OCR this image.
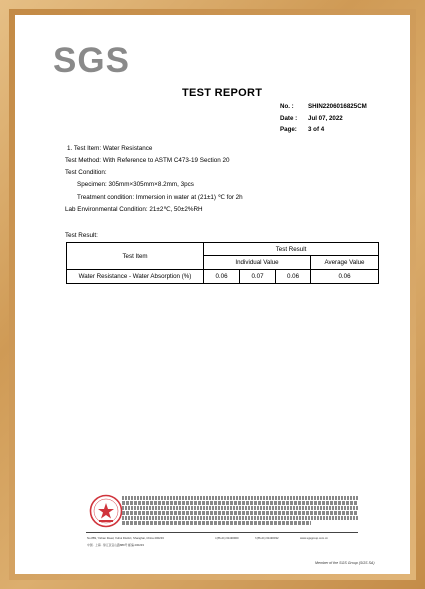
SGS
TEST REPORT
No. :	SHIN2206016825CM
Date :	Jul 07, 2022
Page:	3 of 4
1. Test Item: Water Resistance
Test Method: With Reference to ASTM C473-19 Section 20
Test Condition:
Specimen: 305mm×305mm×8.2mm, 3pcs
Treatment condition: Immersion in water at (21±1) ℃ for 2h
Lab Environmental Condition: 21±2℃, 50±2%RH
Test Result:
Test Item
Test Result
Individual Value	Average Value
Water Resistance - Water Absorption (%)	0.06	0.07	0.06	0.06
No.889, Yishan Road, Xuhui District, Shanghai, China 200233
中国 · 上海 · 徐汇区宜山路889号 邮编 200233
t (86-21) 61190900	f (86-21) 61190032	www.sgsgroup.com.cn
Member of the SGS Group (SGS SA)
